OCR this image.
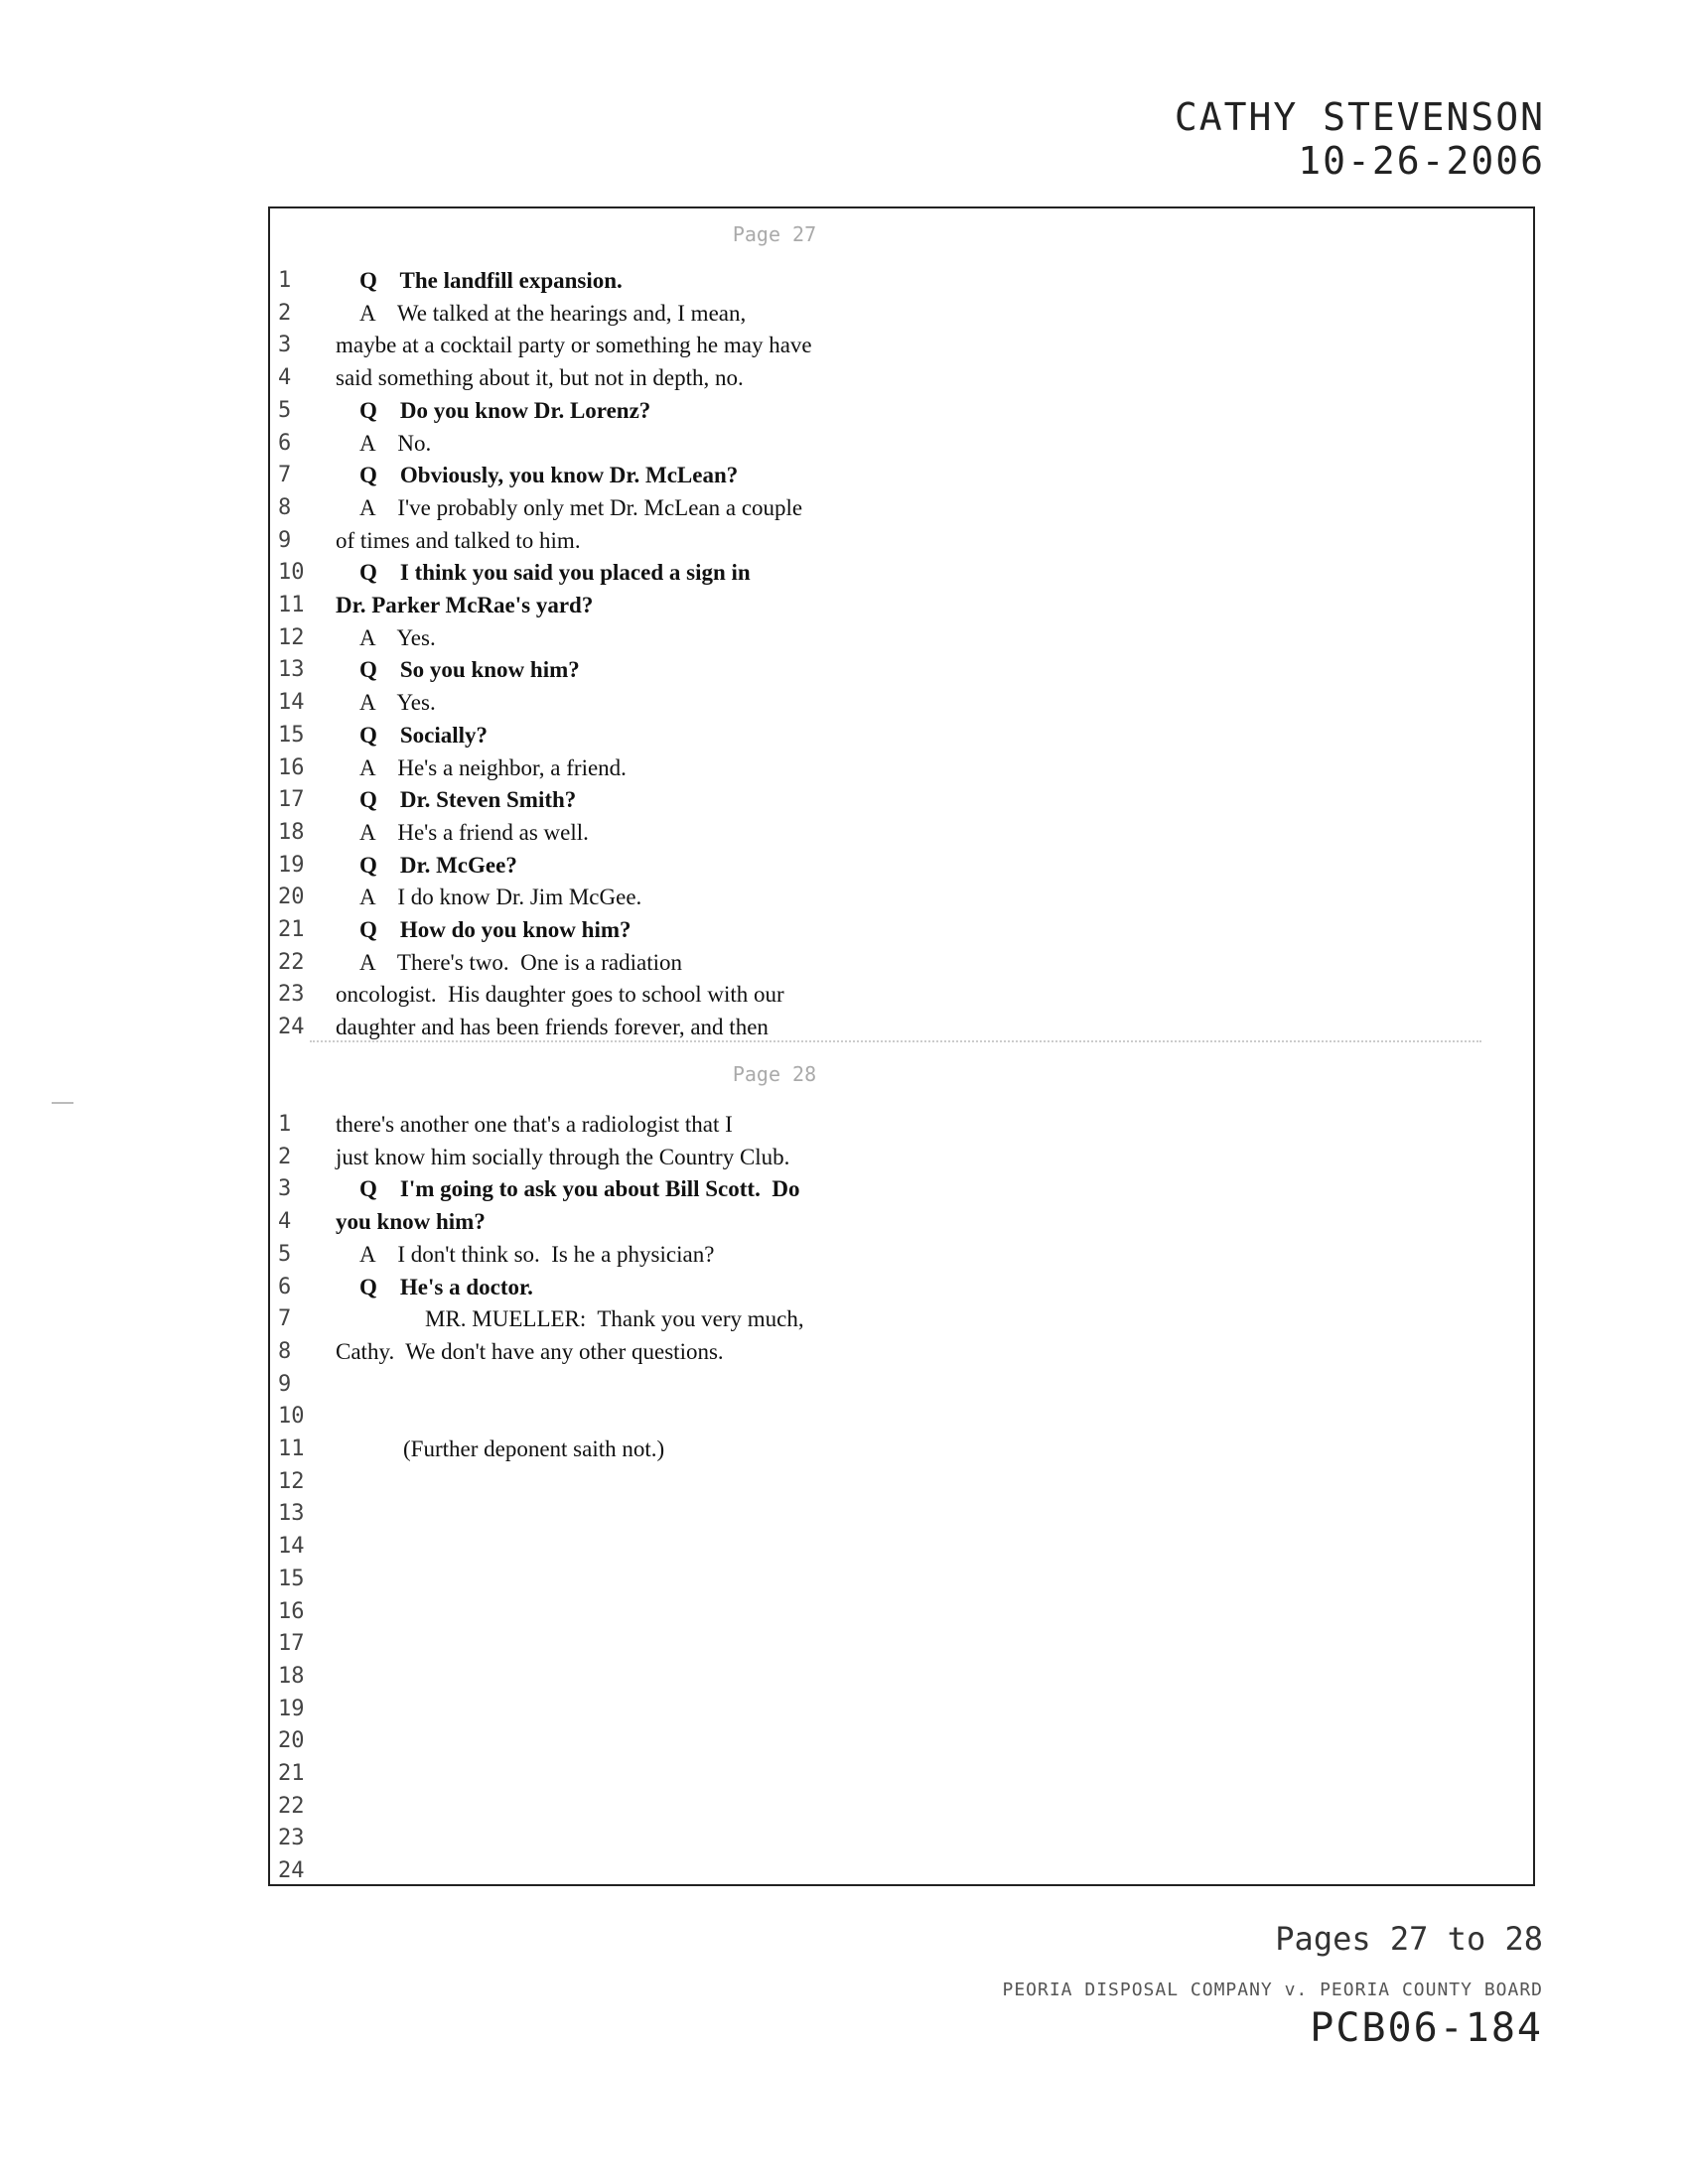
CATHY STEVENSON
10-26-2006
Page 27
1	Q    The landfill expansion.
2	A    We talked at the hearings and, I mean,
3	maybe at a cocktail party or something he may have
4	said something about it, but not in depth, no.
5	Q    Do you know Dr. Lorenz?
6	A    No.
7	Q    Obviously, you know Dr. McLean?
8	A    I've probably only met Dr. McLean a couple
9	of times and talked to him.
10	Q    I think you said you placed a sign in
11	Dr. Parker McRae's yard?
12	A    Yes.
13	Q    So you know him?
14	A    Yes.
15	Q    Socially?
16	A    He's a neighbor, a friend.
17	Q    Dr. Steven Smith?
18	A    He's a friend as well.
19	Q    Dr. McGee?
20	A    I do know Dr. Jim McGee.
21	Q    How do you know him?
22	A    There's two.  One is a radiation
23	oncologist.  His daughter goes to school with our
24	daughter and has been friends forever, and then
Page 28
1	there's another one that's a radiologist that I
2	just know him socially through the Country Club.
3	Q    I'm going to ask you about Bill Scott.  Do
4	you know him?
5	A    I don't think so.  Is he a physician?
6	Q    He's a doctor.
7	MR. MUELLER:  Thank you very much,
8	Cathy.  We don't have any other questions.
9
10
11	(Further deponent saith not.)
12
13
14
15
16
17
18
19
20
21
22
23
24
Pages 27 to 28
PEORIA DISPOSAL COMPANY v. PEORIA COUNTY BOARD
PCB06-184
